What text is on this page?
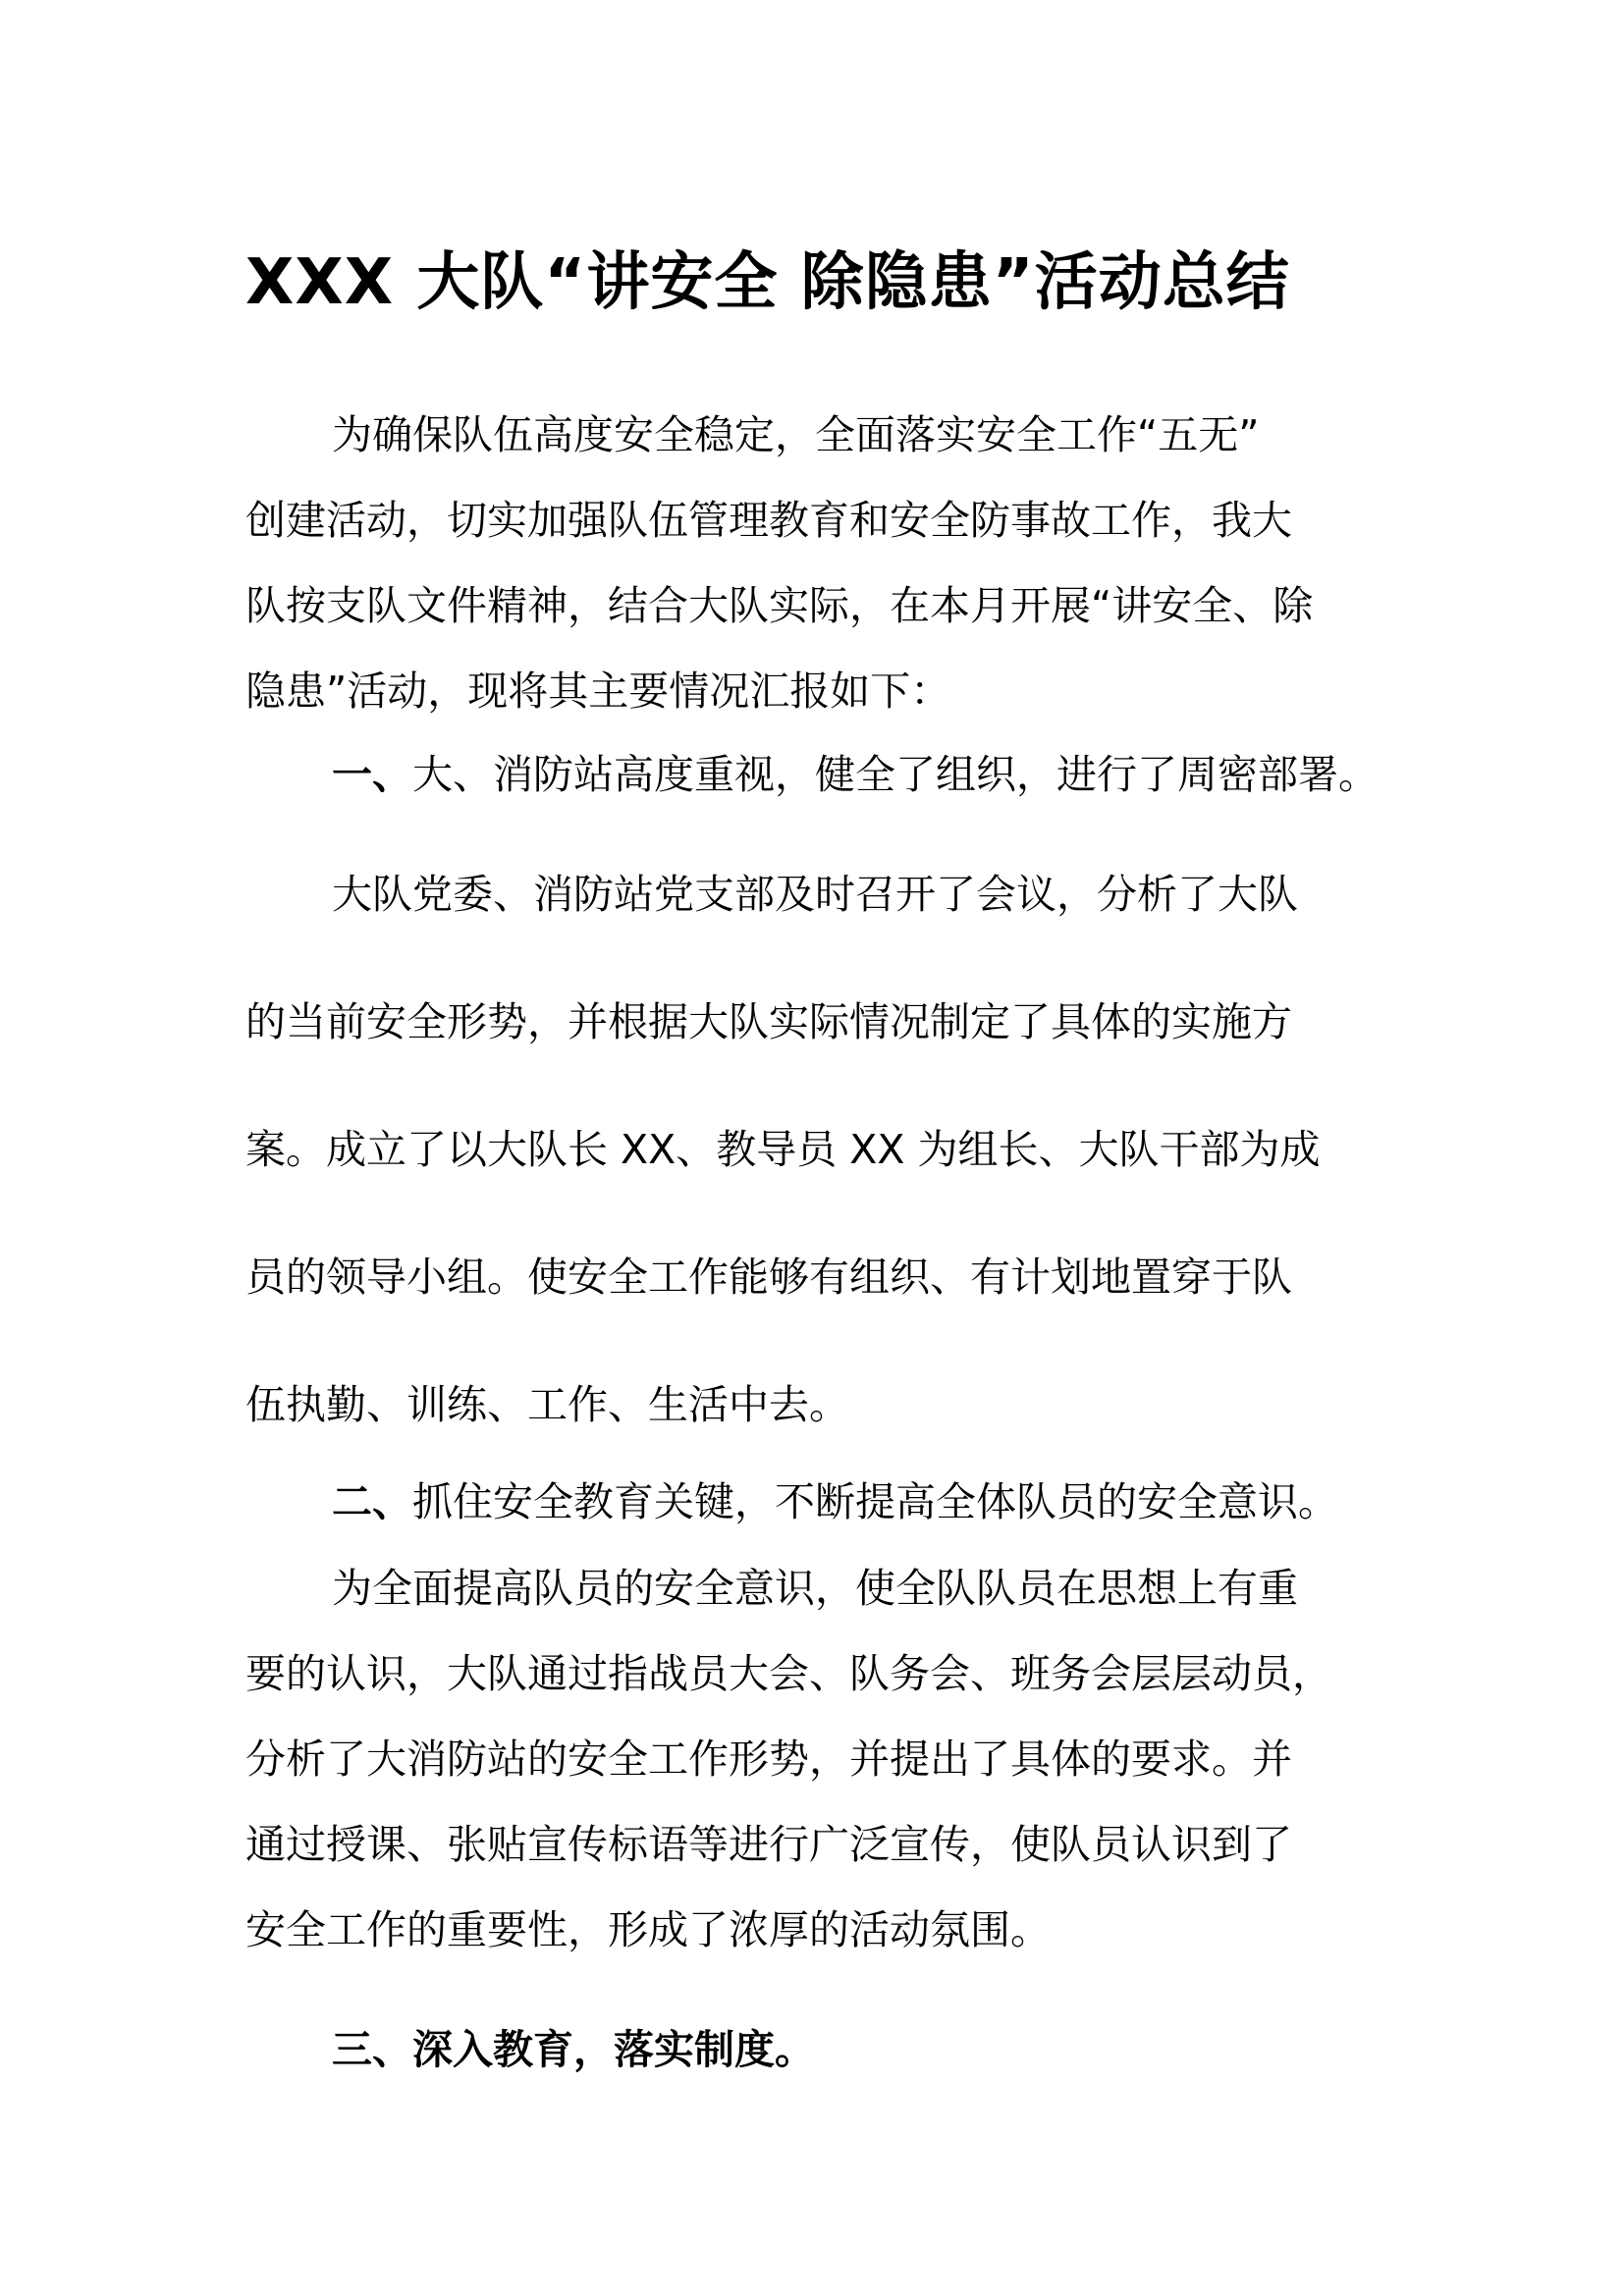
XXX 大队“讲安全 除隐患”活动总结
为确保队伍高度安全稳定，全面落实安全工作“五无”
创建活动，切实加强队伍管理教育和安全防事故工作，我大
队按支队文件精神，结合大队实际，在本月开展“讲安全、除
隐患”活动，现将其主要情况汇报如下：
一、大、消防站高度重视，健全了组织，进行了周密部署。
大队党委、消防站党支部及时召开了会议，分析了大队
的当前安全形势，并根据大队实际情况制定了具体的实施方
案。成立了以大队长 XX、教导员 XX 为组长、大队干部为成
员的领导小组。使安全工作能够有组织、有计划地置穿于队
伍执勤、训练、工作、生活中去。
二、抓住安全教育关键，不断提高全体队员的安全意识。
为全面提高队员的安全意识，使全队队员在思想上有重
要的认识，大队通过指战员大会、队务会、班务会层层动员，
分析了大消防站的安全工作形势，并提出了具体的要求。并
通过授课、张贴宣传标语等进行广泛宣传，使队员认识到了
安全工作的重要性，形成了浓厚的活动氛围。
三、深入教育，落实制度。
